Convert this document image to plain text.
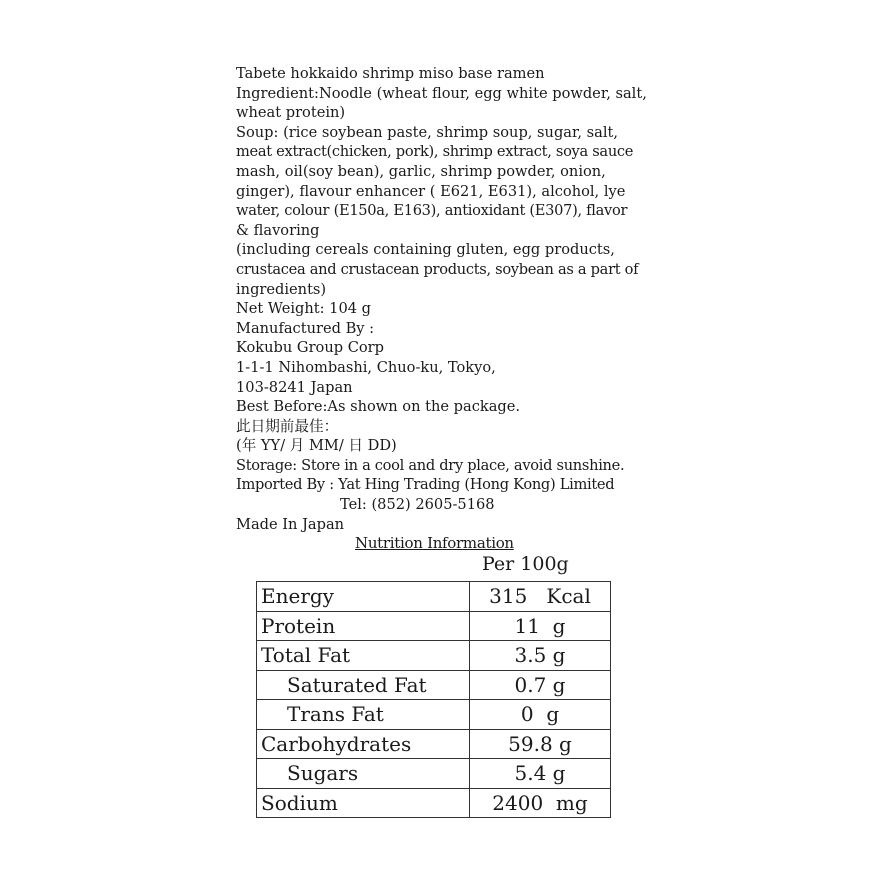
Tabete hokkaido shrimp miso base ramen
Ingredient:Noodle (wheat flour, egg white powder, salt,
wheat protein)
Soup: (rice soybean paste, shrimp soup, sugar, salt,
meat extract(chicken, pork), shrimp extract, soya sauce
mash, oil(soy bean), garlic, shrimp powder, onion,
ginger), flavour enhancer ( E621, E631), alcohol, lye
water, colour (E150a, E163), antioxidant (E307), flavor
& flavoring
(including cereals containing gluten, egg products,
crustacea and crustacean products, soybean as a part of
ingredients)
Net Weight: 104 g
Manufactured By :
Kokubu Group Corp
1-1-1 Nihombashi, Chuo-ku, Tokyo,
103-8241 Japan
Best Before:As shown on the package.
此日期前最佳：
(年 YY/ 月 MM/ 日 DD)
Storage: Store in a cool and dry place, avoid sunshine.
Imported By : Yat Hing Trading (Hong Kong) Limited
Tel: (852) 2605-5168
Made In Japan
Nutrition Information
Per 100g
Energy	315   Kcal
Protein	11  g
Total Fat	3.5 g
Saturated Fat	0.7 g
Trans Fat	0  g
Carbohydrates	59.8 g
Sugars	5.4 g
Sodium	2400  mg
